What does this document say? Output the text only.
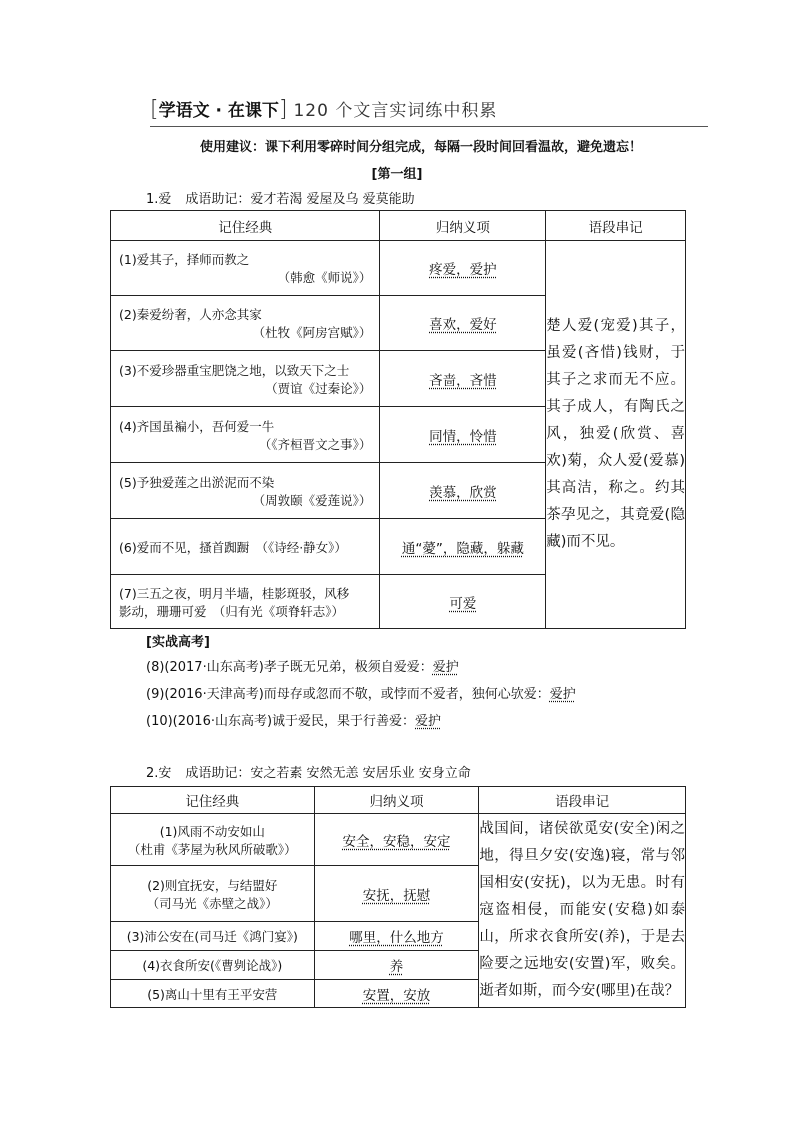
[学语文 · 在课下] 120 个文言实词练中积累
使用建议：课下利用零碎时间分组完成，每隔一段时间回看温故，避免遗忘！
[第一组]
1.爱 成语助记：爱才若渴 爱屋及乌 爱莫能助
记住经典	归纳义项	语段串记

(1)爱其子，择师而教之
（韩愈《师说》）	疼爱，爱护	楚人爱(宠爱)其子，虽爱(吝惜)钱财，于其子之求而无不应。其子成人，有陶氏之风，独爱(欣赏、喜欢)菊，众人爱(爱慕)其高洁，称之。约其茶孕见之，其竟爱(隐藏)而不见。

(2)秦爱纷奢，人亦念其家
（杜牧《阿房宫赋》）	喜欢，爱好	

(3)不爱珍器重宝肥饶之地，以致天下之士
（贾谊《过秦论》）	吝啬，吝惜	

(4)齐国虽褊小，吾何爱一牛
（《齐桓晋文之事》）	同情，怜惜	

(5)予独爱莲之出淤泥而不染
（周敦颐《爱莲说》）	羡慕，欣赏	

(6)爱而不见，搔首踟蹰　（《诗经·静女》）	通“薆”，隐藏，躲藏	

(7)三五之夜，明月半墙，桂影斑驳，风移
影动，珊珊可爱　（归有光《项脊轩志》）	可爱	
[实战高考]
(8)(2017·山东高考)孝子既无兄弟，极须自爱爱：爱护
(9)(2016·天津高考)而母存或忽而不敬，或悖而不爱者，独何心欤爱：爱护
(10)(2016·山东高考)诚于爱民，果于行善爱：爱护
2.安 成语助记：安之若素 安然无恙 安居乐业 安身立命
记住经典	归纳义项	语段串记

(1)风雨不动安如山
（杜甫《茅屋为秋风所破歌》）	安全，安稳，安定	战国间，诸侯欲觅安(安全)闲之地，得旦夕安(安逸)寝，常与邻国相安(安抚)，以为无患。时有寇盗相侵，而能安(安稳)如泰山，所求衣食所安(养)，于是去险要之远地安(安置)军，败矣。逝者如斯，而今安(哪里)在哉？

(2)则宜抚安，与结盟好
（司马光《赤壁之战》）	安抚，抚慰	

(3)沛公安在(司马迁《鸿门宴》)	哪里，什么地方	

(4)衣食所安(《曹刿论战》)	养	

(5)离山十里有王平安营	安置，安放	
